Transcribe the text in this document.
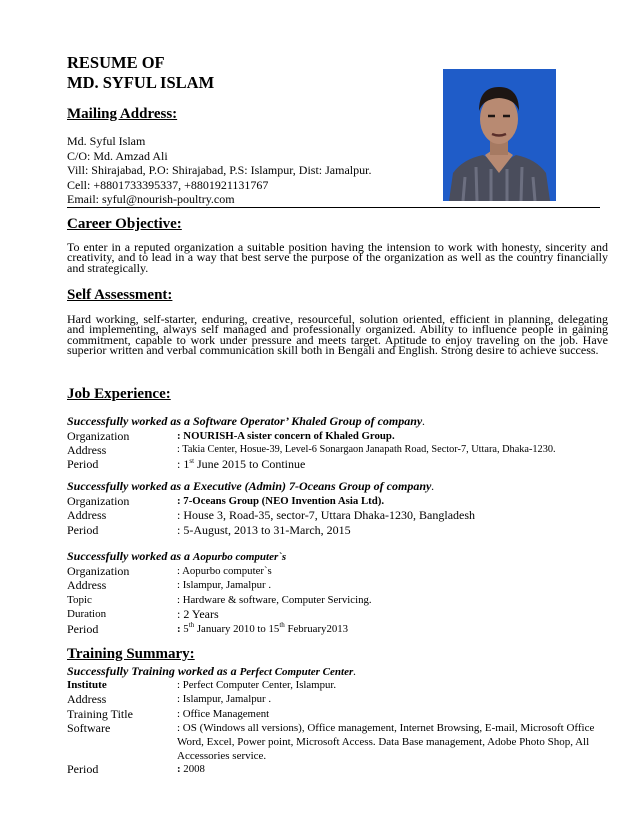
RESUME OF
MD. SYFUL ISLAM
Mailing Address:
Md. Syful Islam
C/O: Md. Amzad Ali
Vill: Shirajabad, P.O: Shirajabad, P.S: Islampur, Dist: Jamalpur.
Cell: +8801733395337, +8801921131767
Email: syful@nourish-poultry.com
Career Objective:
To enter in a reputed organization a suitable position having the intension to work with honesty, sincerity and creativity, and to lead in a way that best serve the purpose of the organization as well as the country financially and strategically.
Self Assessment:
Hard working, self-starter, enduring, creative, resourceful, solution oriented, efficient in planning, delegating and implementing, always self managed and professionally organized. Ability to influence people in gaining commitment, capable to work under pressure and meets target. Aptitude to enjoy traveling on the job. Have superior written and verbal communication skill both in Bengali and English. Strong desire to achieve success.
Job Experience:
Successfully worked as a Software Operator’ Khaled Group of company.
Organization	: NOURISH-A sister concern of Khaled Group.
Address	: Takia Center, Hosue-39, Level-6 Sonargaon Janapath Road, Sector-7, Uttara, Dhaka-1230.
Period	: 1st June 2015 to Continue
Successfully worked as a Executive (Admin) 7-Oceans Group of company.
Organization	: 7-Oceans Group (NEO Invention Asia Ltd).
Address	: House 3, Road-35, sector-7, Uttara Dhaka-1230, Bangladesh
Period	: 5-August, 2013 to 31-March, 2015
Successfully worked as a Aopurbo computer`s
Organization	: Aopurbo computer`s
Address	: Islampur, Jamalpur .
Topic	: Hardware & software, Computer Servicing.
Duration	: 2 Years
Period	: 5th January 2010 to 15th February2013
Training Summary:
Successfully Training worked as a Perfect Computer Center.
Institute	: Perfect Computer Center, Islampur.
Address	: Islampur, Jamalpur .
Training Title	: Office Management
Software	: OS (Windows all versions), Office management, Internet Browsing, E-mail, Microsoft Office Word, Excel, Power point, Microsoft Access. Data Base management, Adobe Photo Shop, All Accessories service.
Period	: 2008
